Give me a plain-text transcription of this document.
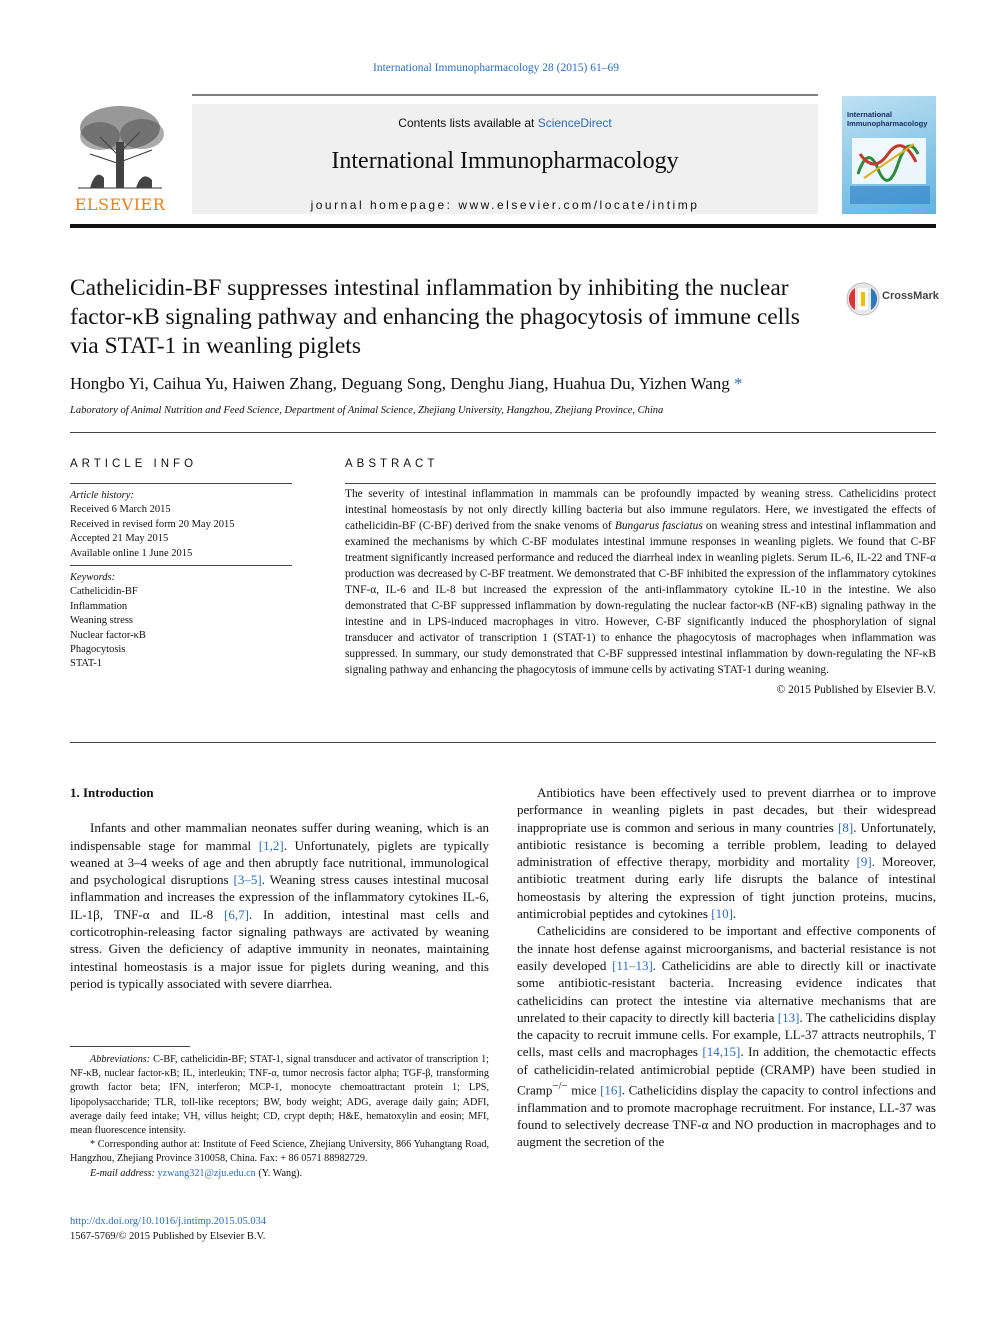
International Immunopharmacology 28 (2015) 61–69
ELSEVIER
Contents lists available at ScienceDirect
International Immunopharmacology
journal homepage: www.elsevier.com/locate/intimp
International
Immunopharmacology
Cathelicidin-BF suppresses intestinal inflammation by inhibiting the nuclear factor-κB signaling pathway and enhancing the phagocytosis of immune cells via STAT-1 in weanling piglets
CrossMark
Hongbo Yi, Caihua Yu, Haiwen Zhang, Deguang Song, Denghu Jiang, Huahua Du, Yizhen Wang *
Laboratory of Animal Nutrition and Feed Science, Department of Animal Science, Zhejiang University, Hangzhou, Zhejiang Province, China
ARTICLE INFO
Article history:
Received 6 March 2015
Received in revised form 20 May 2015
Accepted 21 May 2015
Available online 1 June 2015
Keywords:
Cathelicidin-BF
Inflammation
Weaning stress
Nuclear factor-κB
Phagocytosis
STAT-1
ABSTRACT
The severity of intestinal inflammation in mammals can be profoundly impacted by weaning stress. Cathelicidins protect intestinal homeostasis by not only directly killing bacteria but also immune regulators. Here, we investigated the effects of cathelicidin-BF (C-BF) derived from the snake venoms of Bungarus fasciatus on weaning stress and intestinal inflammation and examined the mechanisms by which C-BF modulates intestinal immune responses in weanling piglets. We found that C-BF treatment significantly increased performance and reduced the diarrheal index in weanling piglets. Serum IL-6, IL-22 and TNF-α production was decreased by C-BF treatment. We demonstrated that C-BF inhibited the expression of the inflammatory cytokines TNF-α, IL-6 and IL-8 but increased the expression of the anti-inflammatory cytokine IL-10 in the intestine. We also demonstrated that C-BF suppressed inflammation by down-regulating the nuclear factor-κB (NF-κB) signaling pathway in the intestine and in LPS-induced macrophages in vitro. However, C-BF significantly induced the phosphorylation of signal transducer and activator of transcription 1 (STAT-1) to enhance the phagocytosis of macrophages when inflammation was suppressed. In summary, our study demonstrated that C-BF suppressed intestinal inflammation by down-regulating the NF-κB signaling pathway and enhancing the phagocytosis of immune cells by activating STAT-1 during weaning.
© 2015 Published by Elsevier B.V.
1. Introduction

Infants and other mammalian neonates suffer during weaning, which is an indispensable stage for mammal [1,2]. Unfortunately, piglets are typically weaned at 3–4 weeks of age and then abruptly face nutritional, immunological and psychological disruptions [3–5]. Weaning stress causes intestinal mucosal inflammation and increases the expression of the inflammatory cytokines IL-6, IL-1β, TNF-α and IL-8 [6,7]. In addition, intestinal mast cells and corticotrophin-releasing factor signaling pathways are activated by weaning stress. Given the deficiency of adaptive immunity in neonates, maintaining intestinal homeostasis is a major issue for piglets during weaning, and this period is typically associated with severe diarrhea.

Abbreviations: C-BF, cathelicidin-BF; STAT-1, signal transducer and activator of transcription 1; NF-κB, nuclear factor-κB; IL, interleukin; TNF-α, tumor necrosis factor alpha; TGF-β, transforming growth factor beta; IFN, interferon; MCP-1, monocyte chemoattractant protein 1; LPS, lipopolysaccharide; TLR, toll-like receptors; BW, body weight; ADG, average daily gain; ADFI, average daily feed intake; VH, villus height; CD, crypt depth; H&E, hematoxylin and eosin; MFI, mean fluorescence intensity.

* Corresponding author at: Institute of Feed Science, Zhejiang University, 866 Yuhangtang Road, Hangzhou, Zhejiang Province 310058, China. Fax: + 86 0571 88982729.

E-mail address: yzwang321@zju.edu.cn (Y. Wang).

http://dx.doi.org/10.1016/j.intimp.2015.05.034
1567-5769/© 2015 Published by Elsevier B.V.

Antibiotics have been effectively used to prevent diarrhea or to improve performance in weanling piglets in past decades, but their widespread inappropriate use is common and serious in many countries [8]. Unfortunately, antibiotic resistance is becoming a terrible problem, leading to delayed administration of effective therapy, morbidity and mortality [9]. Moreover, antibiotic treatment during early life disrupts the balance of intestinal homeostasis by altering the expression of tight junction proteins, mucins, antimicrobial peptides and cytokines [10].

Cathelicidins are considered to be important and effective components of the innate host defense against microorganisms, and bacterial resistance is not easily developed [11–13]. Cathelicidins are able to directly kill or inactivate some antibiotic-resistant bacteria. Increasing evidence indicates that cathelicidins can protect the intestine via alternative mechanisms that are unrelated to their capacity to directly kill bacteria [13]. The cathelicidins display the capacity to recruit immune cells. For example, LL-37 attracts neutrophils, T cells, mast cells and macrophages [14,15]. In addition, the chemotactic effects of cathelicidin-related antimicrobial peptide (CRAMP) have been studied in Cramp−/− mice [16]. Cathelicidins display the capacity to control infections and inflammation and to promote macrophage recruitment. For instance, LL-37 was found to selectively decrease TNF-α and NO production in macrophages and to augment the secretion of the
